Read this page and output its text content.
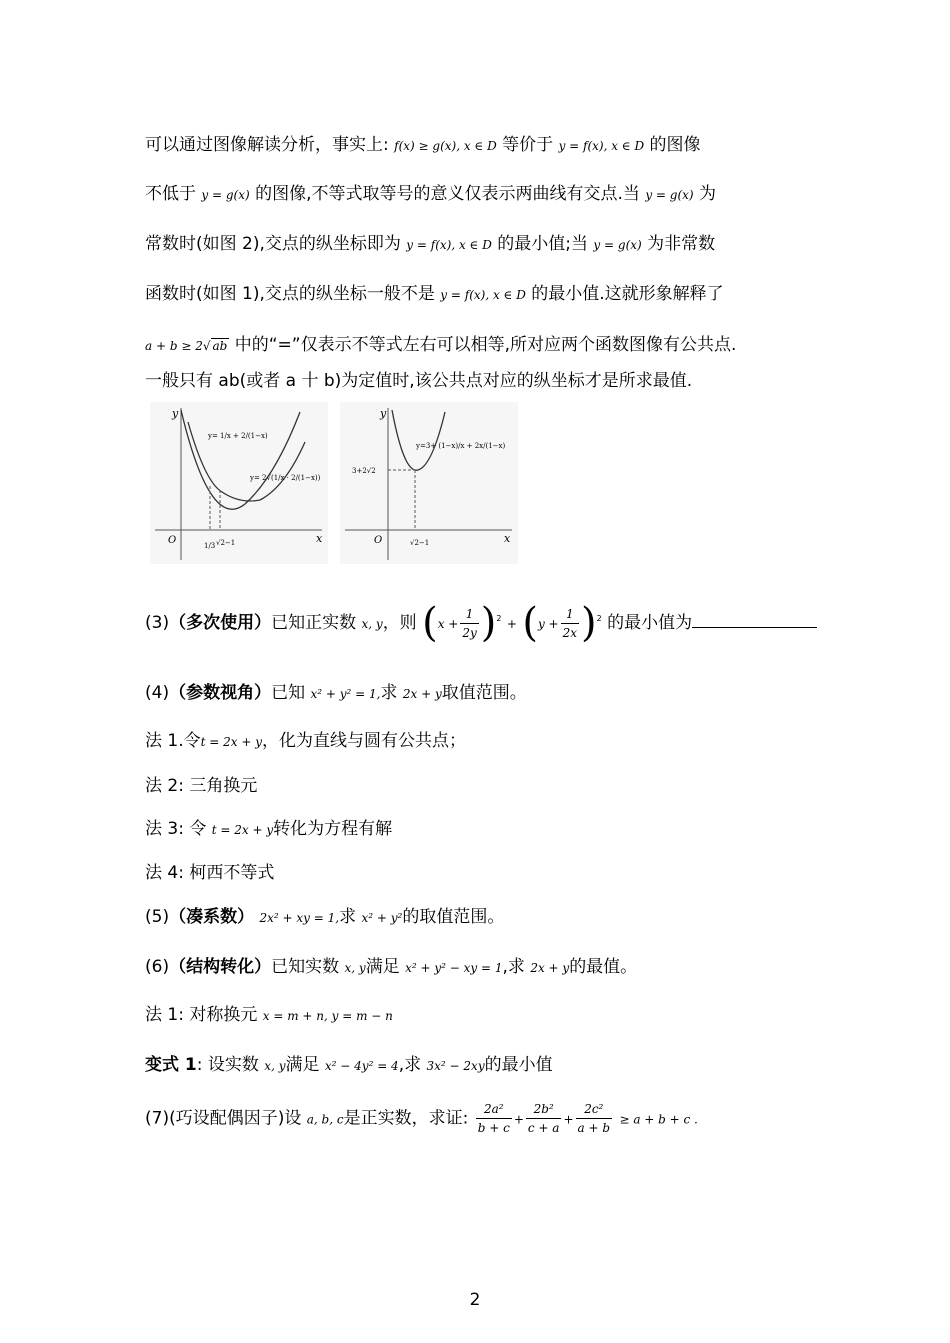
可以通过图像解读分析，事实上: f(x) ≥ g(x), x ∈ D 等价于 y = f(x), x ∈ D 的图像
不低于 y = g(x) 的图像,不等式取等号的意义仅表示两曲线有交点.当 y = g(x) 为
常数时(如图 2),交点的纵坐标即为 y = f(x), x ∈ D 的最小值;当 y = g(x) 为非常数
函数时(如图 1),交点的纵坐标一般不是 y = f(x), x ∈ D 的最小值.这就形象解释了
a + b ≥ 2√ ab 中的“=”仅表示不等式左右可以相等,所对应两个函数图像有公共点.
一般只有 ab(或者 a 十 b)为定值时,该公共点对应的纵坐标才是所求最值.
y
x
O
y= 1/x + 2/(1−x)
y= 2√(1/x · 2/(1−x))
1/3 √2−1
y
x
O
y=3+ (1−x)/x + 2x/(1−x)
3+2√2
√2−1
(3)（多次使用）已知正实数 x, y，则 $(x + \frac{1}{2y} )^2 + (y + \frac{1}{2x} )^2$ 的最小值为
(4)（参数视角）已知 x² + y² = 1,求 2x + y取值范围。
法 1.令t = 2x + y，化为直线与圆有公共点；
法 2: 三角换元
法 3: 令 t = 2x + y转化为方程有解
法 4: 柯西不等式
(5)（凑系数） 2x² + xy = 1,求 x² + y²的取值范围。
(6)（结构转化）已知实数 x, y满足 x² + y² − xy = 1,求 2x + y的最值。
法 1: 对称换元 x = m + n, y = m − n
变式 1: 设实数 x, y满足 x² − 4y² = 4,求 3x² − 2xy的最小值
(7)(巧设配偶因子)设 a, b, c是正实数，求证: $\frac{\text{2a²}}{b + c} + \frac{\text{2b²}}{c + a} + \frac{\text{2c²}}{a + b} \ge a + b + c$ .
2
